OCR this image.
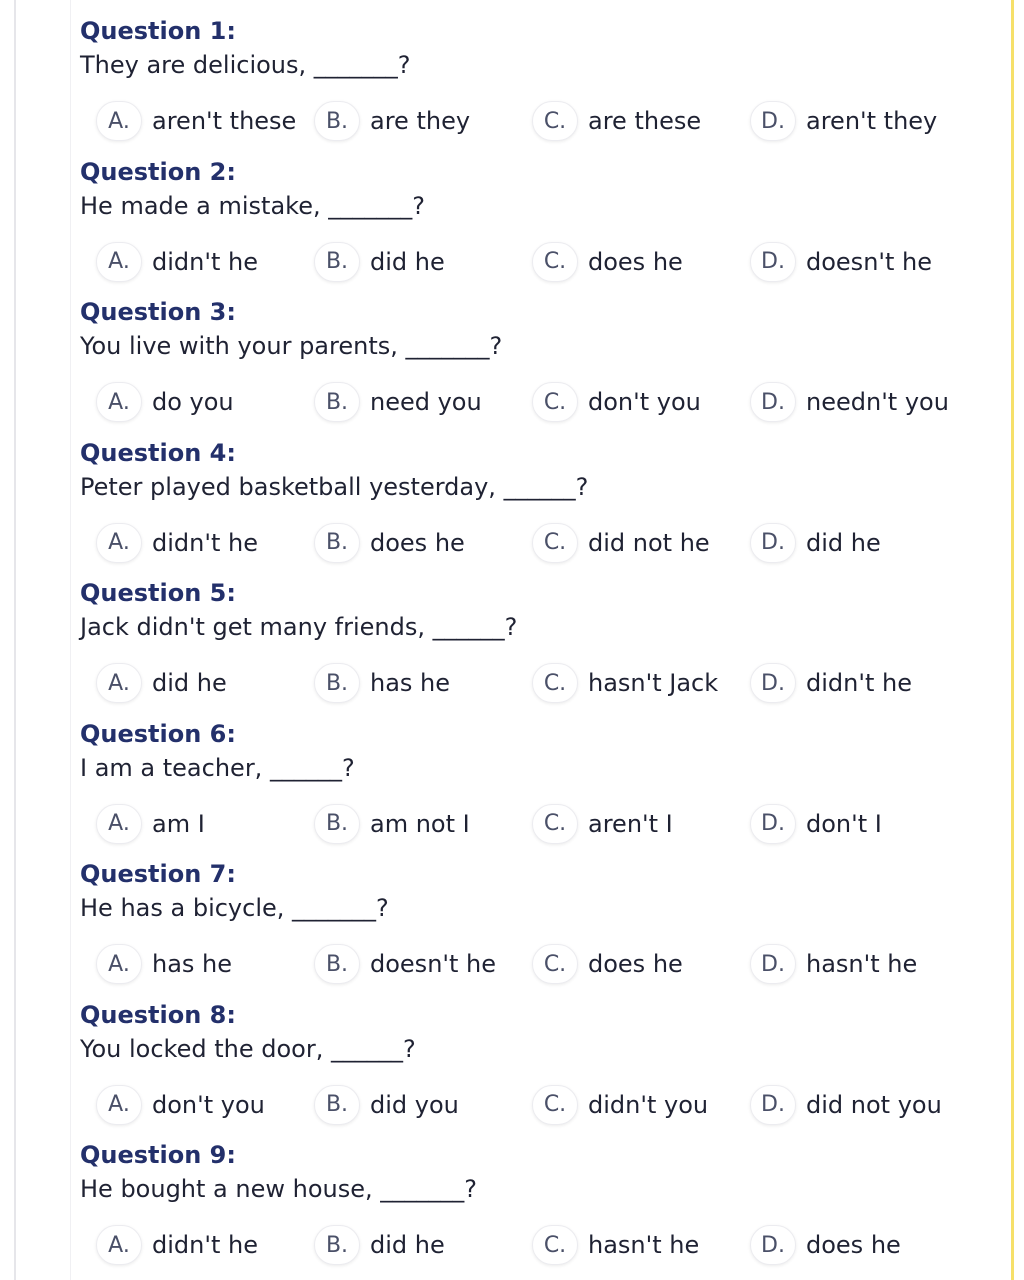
Question 1:
They are delicious, _______?
A. aren't these	B. are they	C. are these	D. aren't they
Question 2:
He made a mistake, _______?
A. didn't he	B. did he	C. does he	D. doesn't he
Question 3:
You live with your parents, _______?
A. do you	B. need you	C. don't you	D. needn't you
Question 4:
Peter played basketball yesterday, ______?
A. didn't he	B. does he	C. did not he	D. did he
Question 5:
Jack didn't get many friends, ______?
A. did he	B. has he	C. hasn't Jack	D. didn't he
Question 6:
I am a teacher, ______?
A. am I	B. am not I	C. aren't I	D. don't I
Question 7:
He has a bicycle, _______?
A. has he	B. doesn't he	C. does he	D. hasn't he
Question 8:
You locked the door, ______?
A. don't you	B. did you	C. didn't you	D. did not you
Question 9:
He bought a new house, _______?
A. didn't he	B. did he	C. hasn't he	D. does he
